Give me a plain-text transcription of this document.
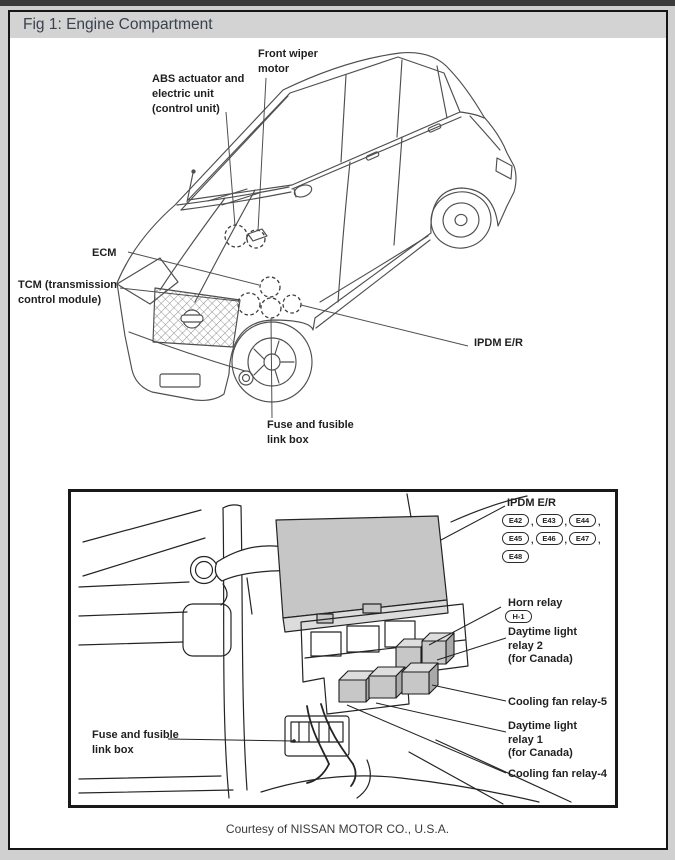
Fig 1: Engine Compartment
ABS actuator and
electric unit
(control unit)
Front wiper
motor
ECM
TCM (transmission
control module)
IPDM E/R
Fuse and fusible
link box
IPDM E/R
E42 ,	E43 ,	E44 ,
E45 ,	E46 ,	E47 ,
E48
Horn relay
H-1
Daytime light
relay 2
(for Canada)
Cooling fan relay-5
Daytime light
relay 1
(for Canada)
Cooling fan relay-4
Fuse and fusible
link box
Courtesy of NISSAN MOTOR CO., U.S.A.
